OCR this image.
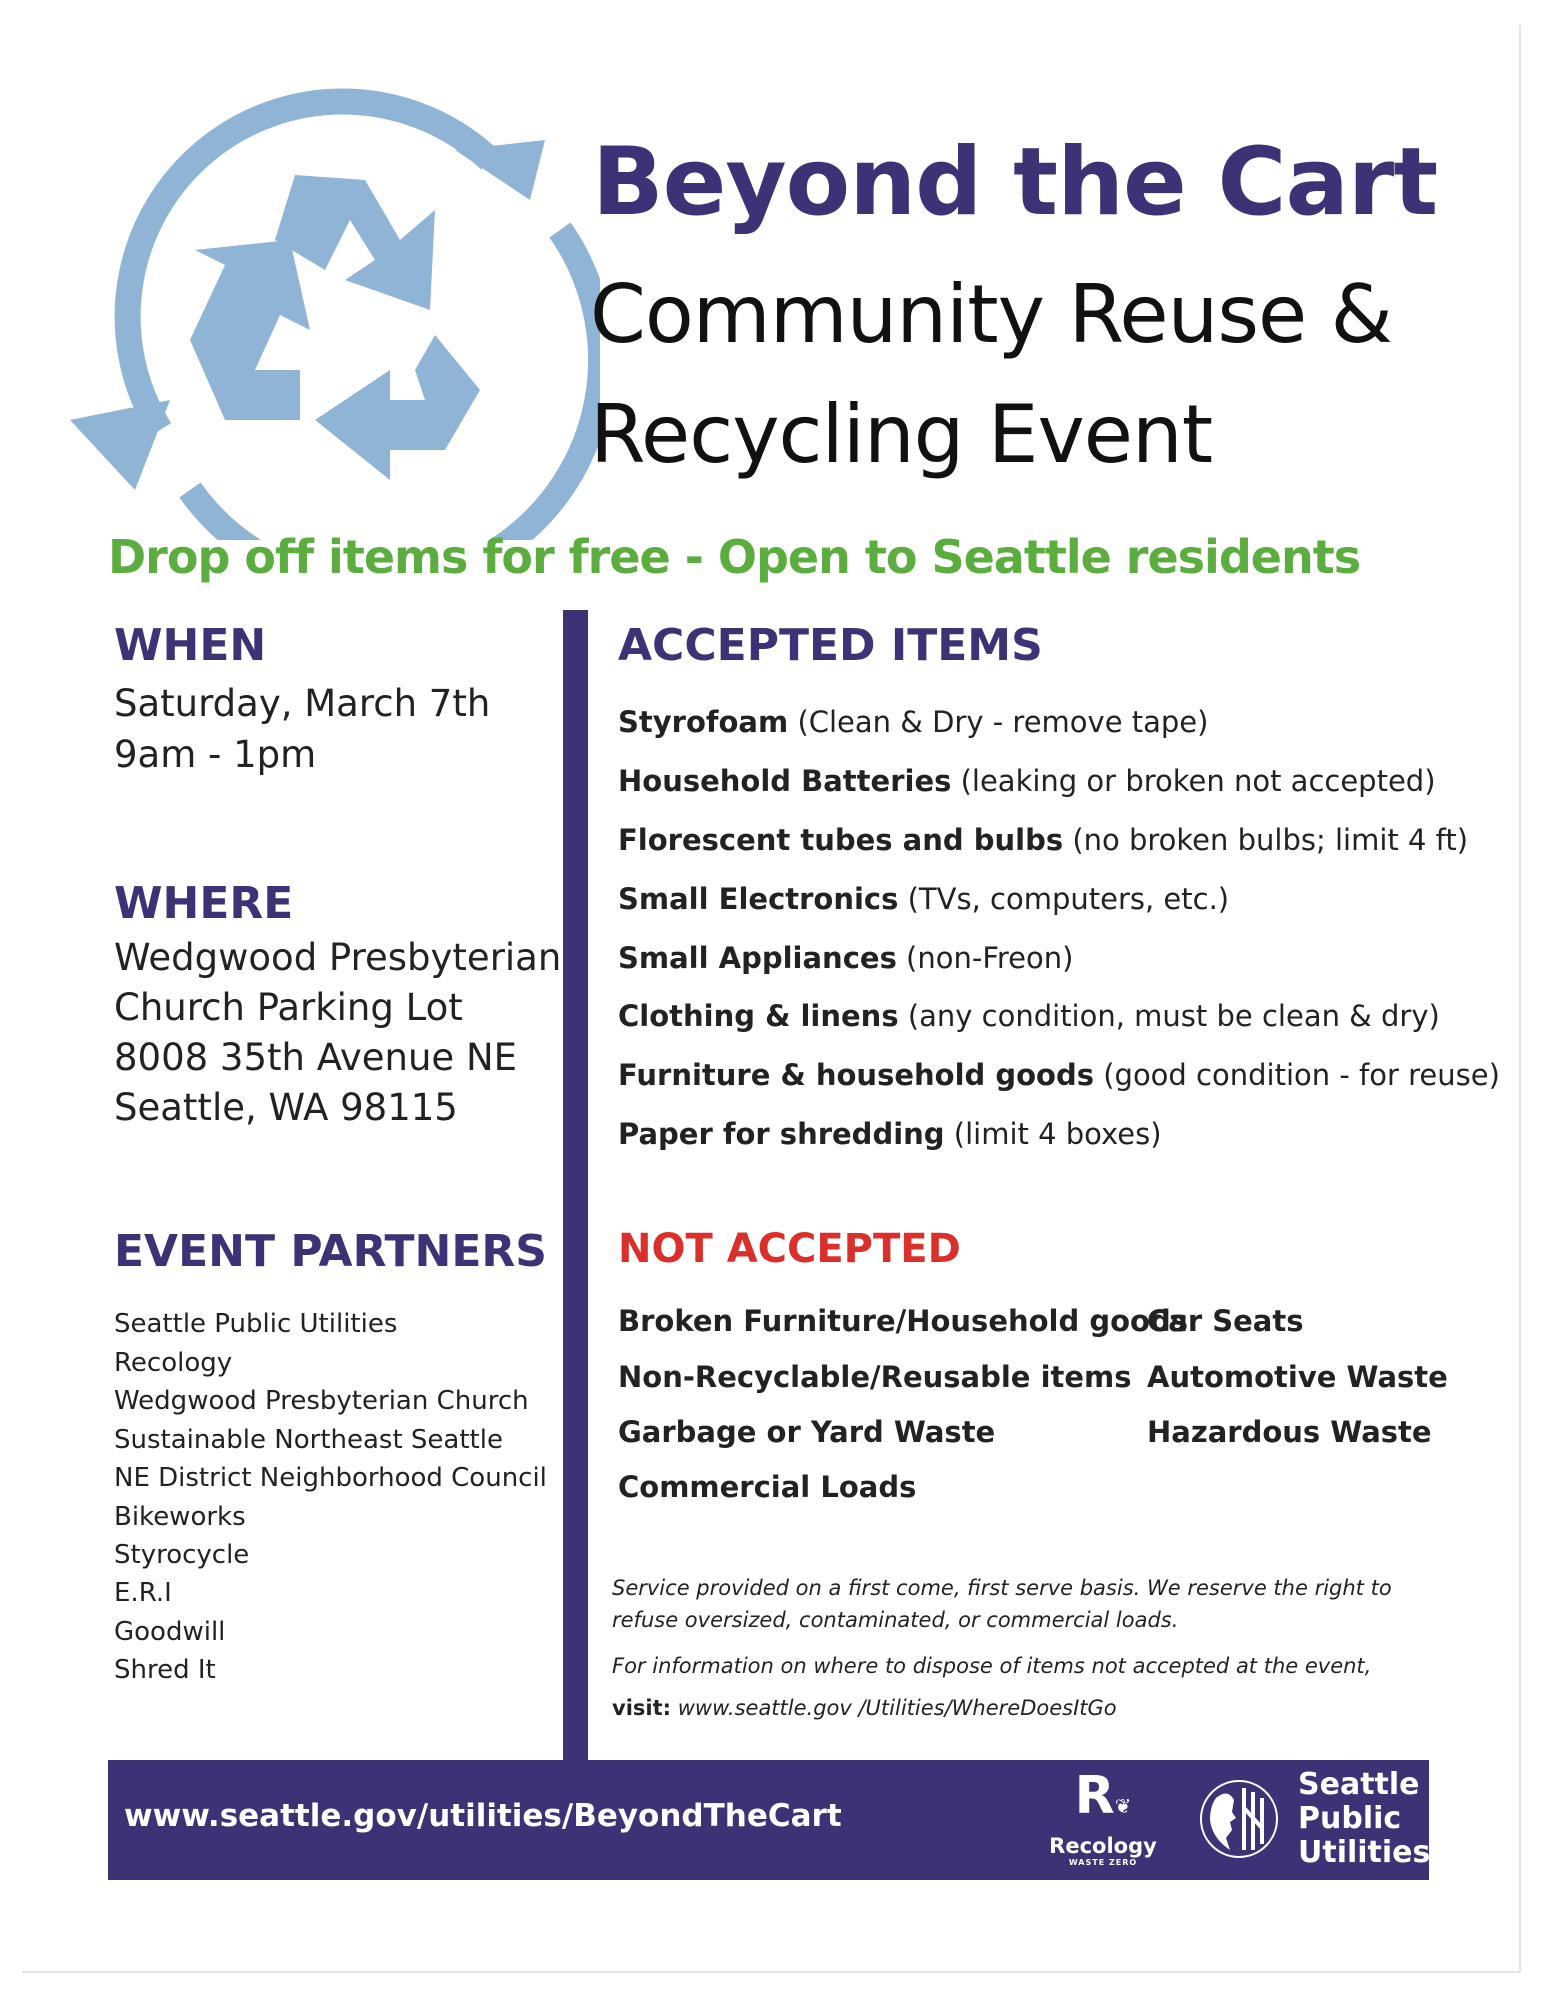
Beyond the Cart
Community Reuse &
Recycling Event
Drop off items for free - Open to Seattle residents
WHEN
Saturday, March 7th
9am - 1pm
WHERE
Wedgwood Presbyterian
Church Parking Lot
8008 35th Avenue NE
Seattle, WA 98115
EVENT PARTNERS
Seattle Public Utilities
Recology
Wedgwood Presbyterian Church
Sustainable Northeast Seattle
NE District Neighborhood Council
Bikeworks
Styrocycle
E.R.I
Goodwill
Shred It
ACCEPTED ITEMS
Styrofoam (Clean & Dry - remove tape)
Household Batteries (leaking or broken not accepted)
Florescent tubes and bulbs (no broken bulbs; limit 4 ft)
Small Electronics (TVs, computers, etc.)
Small Appliances (non-Freon)
Clothing & linens (any condition, must be clean & dry)
Furniture & household goods (good condition - for reuse)
Paper for shredding (limit 4 boxes)
NOT ACCEPTED
Broken Furniture/Household goods
Non-Recyclable/Reusable items
Garbage or Yard Waste
Commercial Loads
Car Seats
Automotive Waste
Hazardous Waste
Service provided on a first come, first serve basis. We reserve the right to
refuse oversized, contaminated, or commercial loads.
For information on where to dispose of items not accepted at the event,
visit: www.seattle.gov /Utilities/WhereDoesItGo
www.seattle.gov/utilities/BeyondTheCart	R❦
Recology
WASTE ZERO
Seattle
Public
Utilities
